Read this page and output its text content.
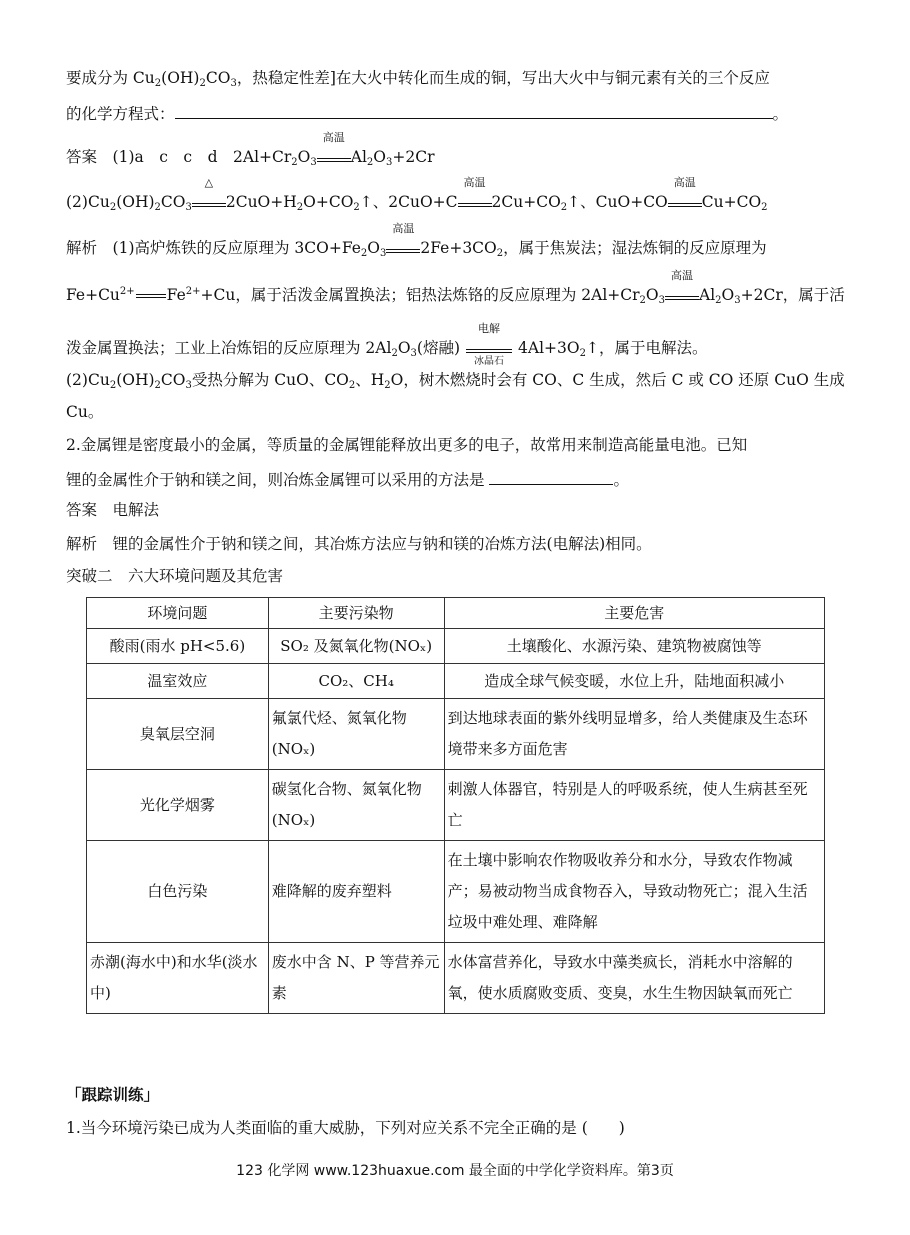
要成分为 $Cu_2(OH)_2CO_3$，热稳定性差]在大火中转化而生成的铜，写出大火中与铜元素有关的三个反应
的化学方程式：	。
答案　 (1)a　c　c　d　$2Al+Cr_2O_3$
高温
$Al_2O_3+2Cr$
$(2)Cu_2(OH)_2CO_3$
△
$2CuO+H_2O+CO_2↑$、2CuO+C
高温
$2Cu+CO_2↑$、CuO+CO
高温
$Cu+CO_2$
解析　 (1)高炉炼铁的反应原理为 $3CO+Fe_2O_3$
高温
$2Fe+3CO_2$，属于焦炭法；湿法炼铜的反应原理为
$Fe+Cu^{2+}$ $Fe^{2+}+Cu$，属于活泼金属置换法；铝热法炼铬的反应原理为 $2Al+Cr_2O_3$
高温
$Al_2O_3+2Cr$，属于活
泼金属置换法；工业上冶炼铝的反应原理为 $2Al_2O_3$(熔融)
电解
冰晶石
$4Al+3O_2↑$，属于电解法。
$(2)Cu_2(OH)_2CO_3$受热分解为 CuO、$CO_2$、$H_2O$，树木燃烧时会有 CO、C 生成，然后 C 或 CO 还原 CuO 生成
Cu。
2.金属锂是密度最小的金属，等质量的金属锂能释放出更多的电子，故常用来制造高能量电池。已知
锂的金属性介于钠和镁之间，则冶炼金属锂可以采用的方法是	。
答案　 电解法
解析　 锂的金属性介于钠和镁之间，其冶炼方法应与钠和镁的冶炼方法(电解法)相同。
突破二　六大环境问题及其危害
环境问题	主要污染物	主要危害
酸雨(雨水 pH<5.6)	SO₂ 及氮氧化物(NOₓ)	土壤酸化、水源污染、建筑物被腐蚀等
温室效应	CO₂、CH₄	造成全球气候变暖，水位上升，陆地面积减小
臭氧层空洞	氟氯代烃、氮氧化物(NOₓ)	到达地球表面的紫外线明显增多，给人类健康及生态环境带来多方面危害
光化学烟雾	碳氢化合物、氮氧化物(NOₓ)	刺激人体器官，特别是人的呼吸系统，使人生病甚至死亡
白色污染	难降解的废弃塑料	在土壤中影响农作物吸收养分和水分，导致农作物减产；易被动物当成食物吞入，导致动物死亡；混入生活垃圾中难处理、难降解
赤潮(海水中)和水华(淡水中)	废水中含 N、P 等营养元素	水体富营养化，导致水中藻类疯长，消耗水中溶解的氧，使水质腐败变质、变臭，水生生物因缺氧而死亡
「跟踪训练」
1.当今环境污染已成为人类面临的重大威胁，下列对应关系不完全正确的是 (　　)
123 化学网 www.123huaxue.com 最全面的中学化学资料库。第3页
